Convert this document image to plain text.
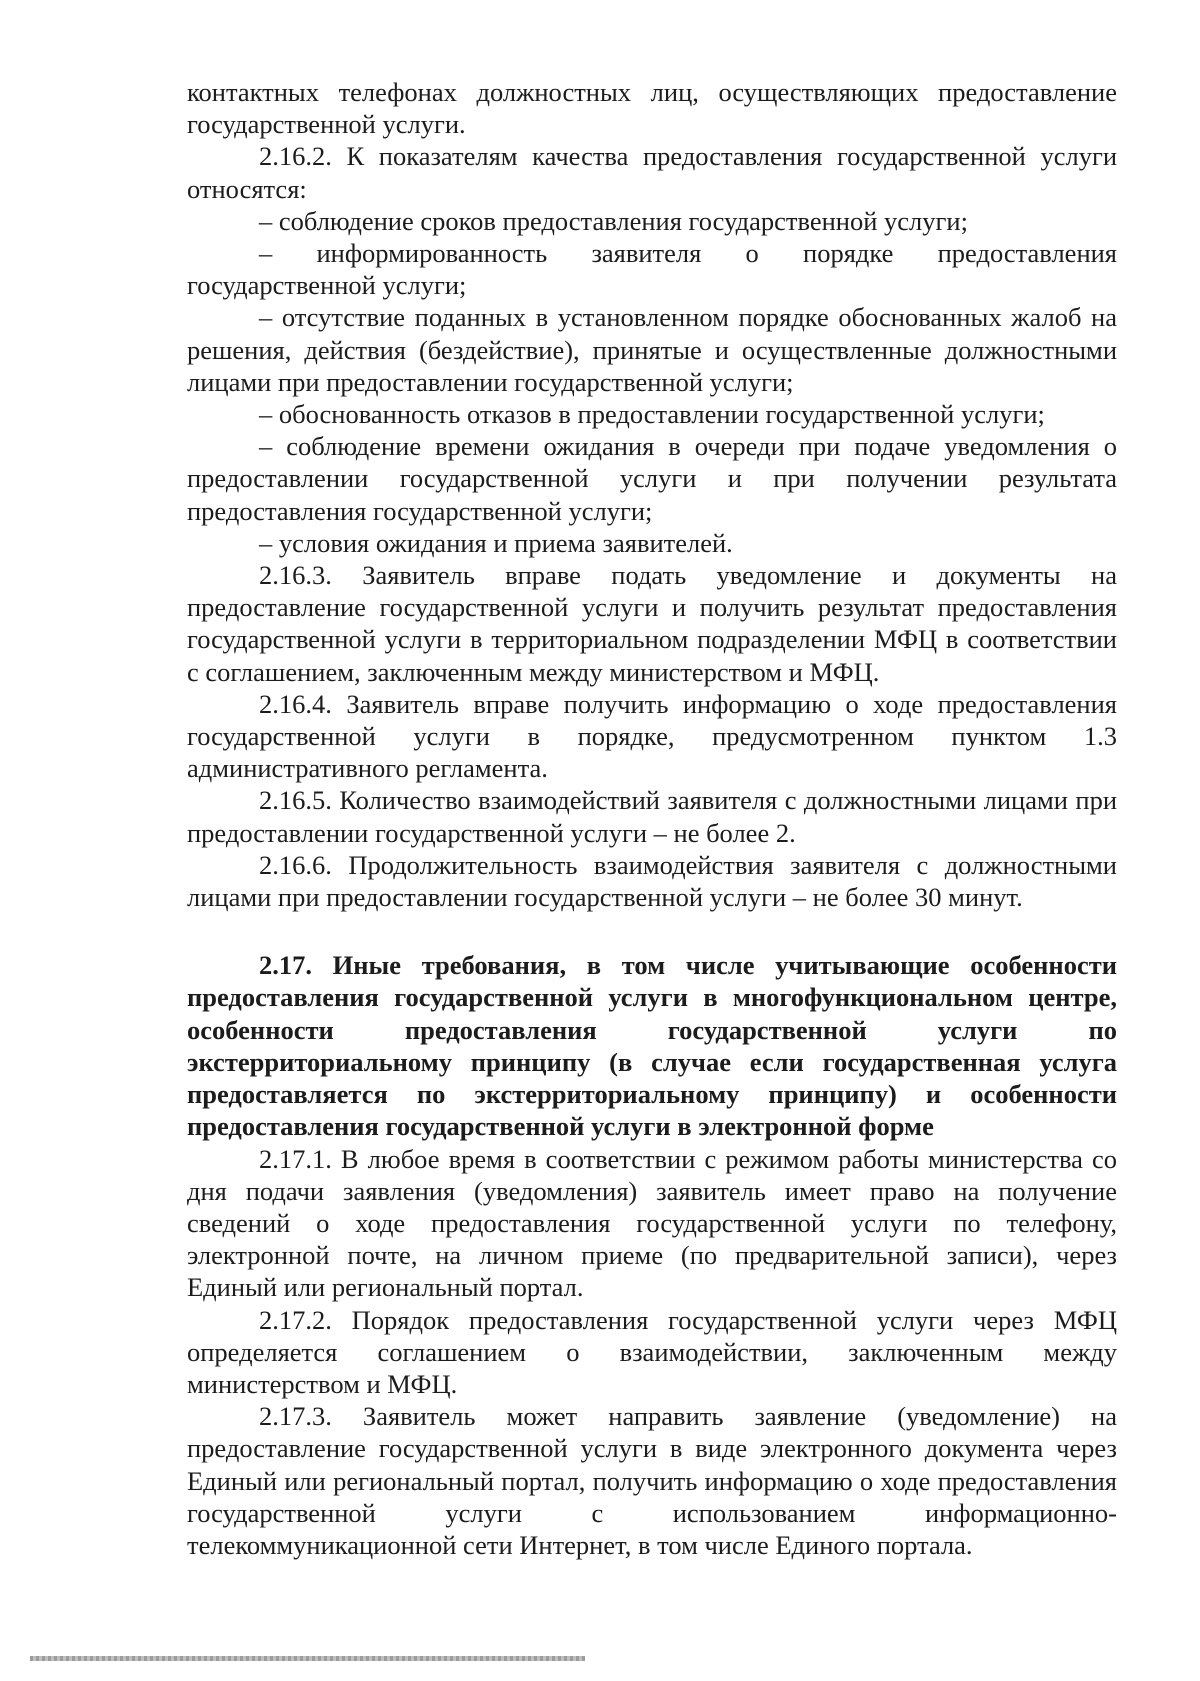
контактных телефонах должностных лиц, осуществляющих предоставление государственной услуги.

2.16.2. К показателям качества предоставления государственной услуги относятся:

– соблюдение сроков предоставления государственной услуги;

– информированность заявителя о порядке предоставления государственной услуги;

– отсутствие поданных в установленном порядке обоснованных жалоб на решения, действия (бездействие), принятые и осуществленные должностными лицами при предоставлении государственной услуги;

– обоснованность отказов в предоставлении государственной услуги;

– соблюдение времени ожидания в очереди при подаче уведомления о предоставлении государственной услуги и при получении результата предоставления государственной услуги;

– условия ожидания и приема заявителей.

2.16.3. Заявитель вправе подать уведомление и документы на предоставление государственной услуги и получить результат предоставления государственной услуги в территориальном подразделении МФЦ в соответствии с соглашением, заключенным между министерством и МФЦ.

2.16.4. Заявитель вправе получить информацию о ходе предоставления государственной услуги в порядке, предусмотренном пунктом 1.3 административного регламента.

2.16.5. Количество взаимодействий заявителя с должностными лицами при предоставлении государственной услуги – не более 2.

2.16.6. Продолжительность взаимодействия заявителя с должностными лицами при предоставлении государственной услуги – не более 30 минут.

2.17. Иные требования, в том числе учитывающие особенности предоставления государственной услуги в многофункциональном центре, особенности предоставления государственной услуги по экстерриториальному принципу (в случае если государственная услуга предоставляется по экстерриториальному принципу) и особенности предоставления государственной услуги в электронной форме

2.17.1. В любое время в соответствии с режимом работы министерства со дня подачи заявления (уведомления) заявитель имеет право на получение сведений о ходе предоставления государственной услуги по телефону, электронной почте, на личном приеме (по предварительной записи), через Единый или региональный портал.

2.17.2. Порядок предоставления государственной услуги через МФЦ определяется соглашением о взаимодействии, заключенным между министерством и МФЦ.

2.17.3. Заявитель может направить заявление (уведомление) на предоставление государственной услуги в виде электронного документа через Единый или региональный портал, получить информацию о ходе предоставления государственной услуги с использованием информационно-телекоммуникационной сети Интернет, в том числе Единого портала.
